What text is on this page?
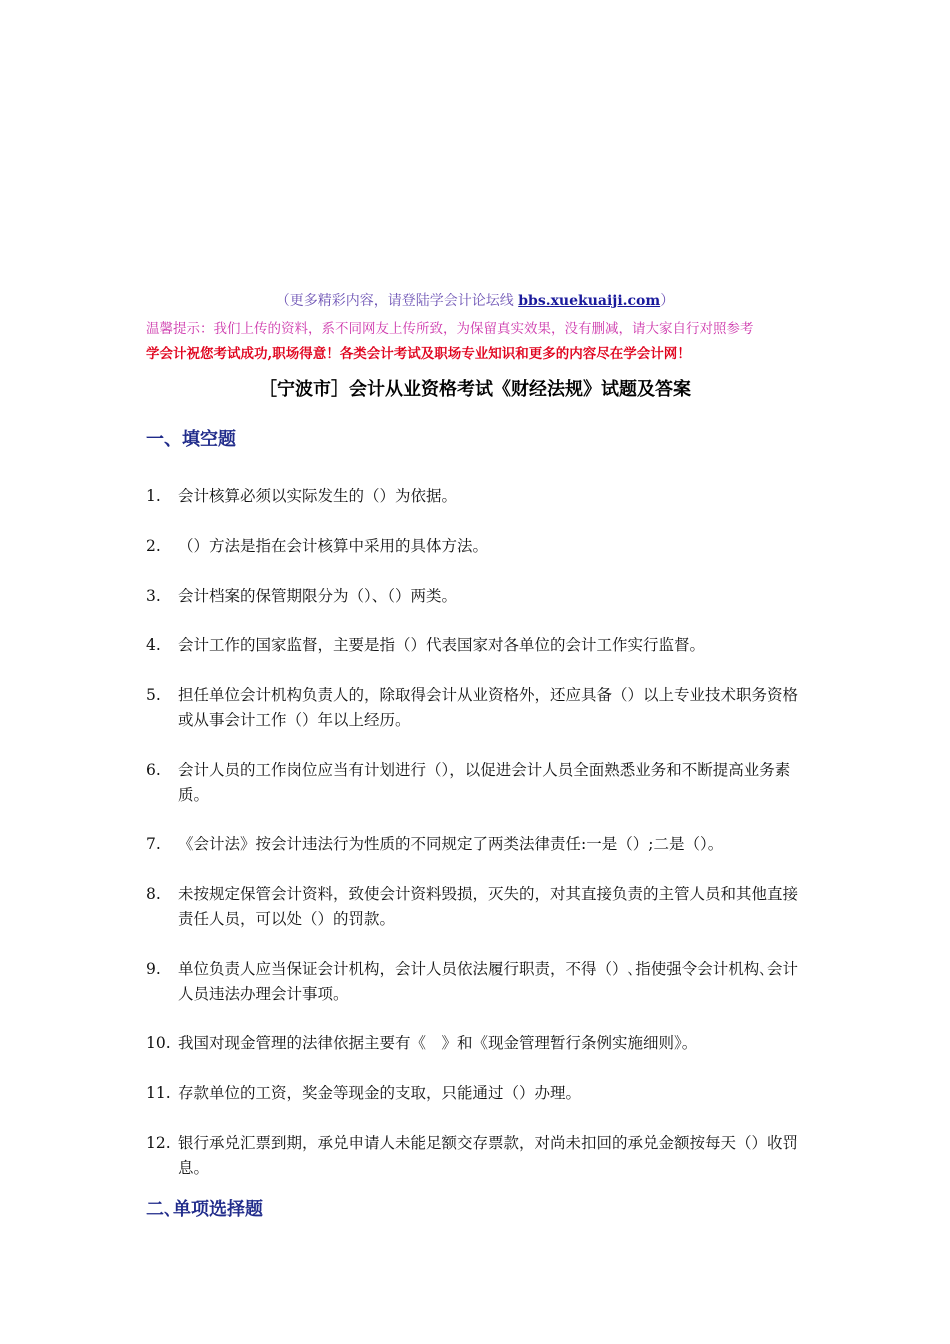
（更多精彩内容，请登陆学会计论坛线 bbs.xuekuaiji.com）
温馨提示：我们上传的资料，系不同网友上传所致，为保留真实效果，没有删减，请大家自行对照参考
学会计祝您考试成功,职场得意！各类会计考试及职场专业知识和更多的内容尽在学会计网！
［宁波市］会计从业资格考试《财经法规》试题及答案
一、填空题
1.	会计核算必须以实际发生的（）为依据。
2.	（）方法是指在会计核算中采用的具体方法。
3.	会计档案的保管期限分为（）、（）两类。
4.	会计工作的国家监督，主要是指（）代表国家对各单位的会计工作实行监督。
5.	担任单位会计机构负责人的，除取得会计从业资格外，还应具备（）以上专业技术职务资格或从事会计工作（）年以上经历。
6.	会计人员的工作岗位应当有计划进行（），以促进会计人员全面熟悉业务和不断提高业务素质。
7.	《会计法》按会计违法行为性质的不同规定了两类法律责任:一是（）;二是（）。
8.	未按规定保管会计资料，致使会计资料毁损，灭失的，对其直接负责的主管人员和其他直接责任人员，可以处（）的罚款。
9.	单位负责人应当保证会计机构，会计人员依法履行职责，不得（）､指使强令会计机构､会计人员违法办理会计事项。
10. 我国对现金管理的法律依据主要有《　》和《现金管理暂行条例实施细则》。
11. 存款单位的工资，奖金等现金的支取，只能通过（）办理。
12. 银行承兑汇票到期，承兑申请人未能足额交存票款，对尚未扣回的承兑金额按每天（）收罚息。
二､单项选择题
